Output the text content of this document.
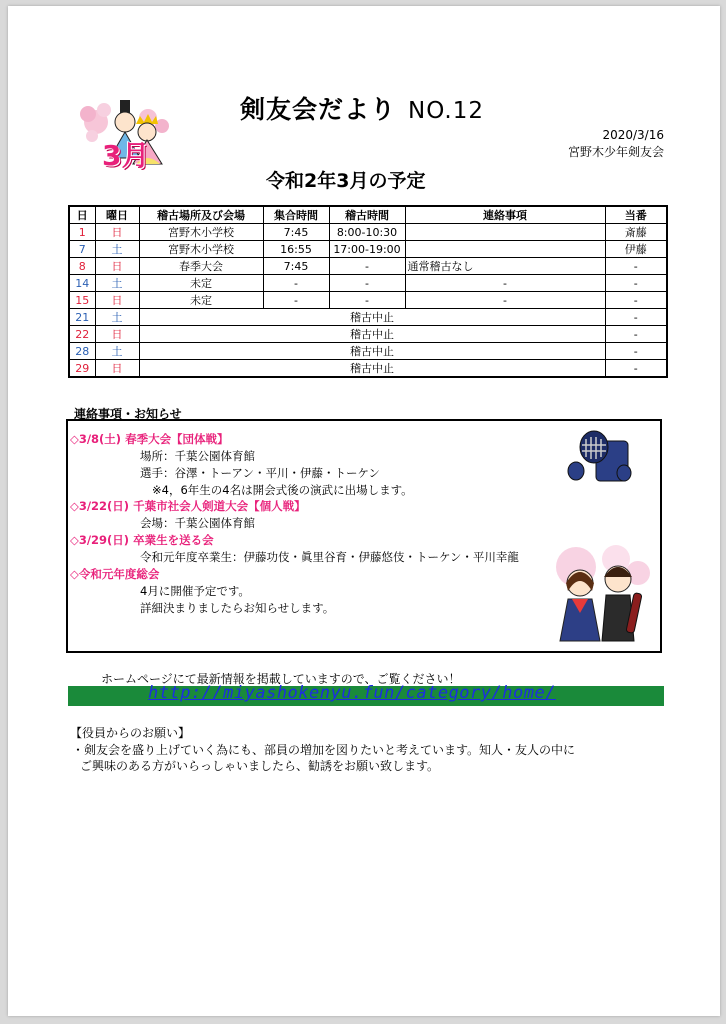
3月
剣友会だより NO.12
2020/3/16
宮野木少年剣友会
令和2年3月の予定
日	曜日	稽古場所及び会場	集合時間	稽古時間	連絡事項	当番
1	日	宮野木小学校	7:45	8:00-10:30		斎藤
7	土	宮野木小学校	16:55	17:00-19:00		伊藤
8	日	春季大会	7:45	-	通常稽古なし	-
14	土	未定	-	-	-	-
15	日	未定	-	-	-	-
21	土	稽古中止				-
22	日	稽古中止				-
28	土	稽古中止				-
29	日	稽古中止				-
連絡事項・お知らせ
◇3/8(土) 春季大会【団体戦】
場所：千葉公園体育館
選手：谷澤・トーアン・平川・伊藤・トーケン
※4，6年生の4名は開会式後の演武に出場します。
◇3/22(日) 千葉市社会人剣道大会【個人戦】
会場：千葉公園体育館
◇3/29(日) 卒業生を送る会
令和元年度卒業生：伊藤功伎・眞里谷育・伊藤悠伎・トーケン・平川幸龍
◇令和元年度総会
4月に開催予定です。
詳細決まりましたらお知らせします。
ホームページにて最新情報を掲載していますので、ご覧ください！
http://miyashokenyu.fun/category/home/
【役員からのお願い】
・剣友会を盛り上げていく為にも、部員の増加を図りたいと考えています。知人・友人の中に
ご興味のある方がいらっしゃいましたら、勧誘をお願い致します。
